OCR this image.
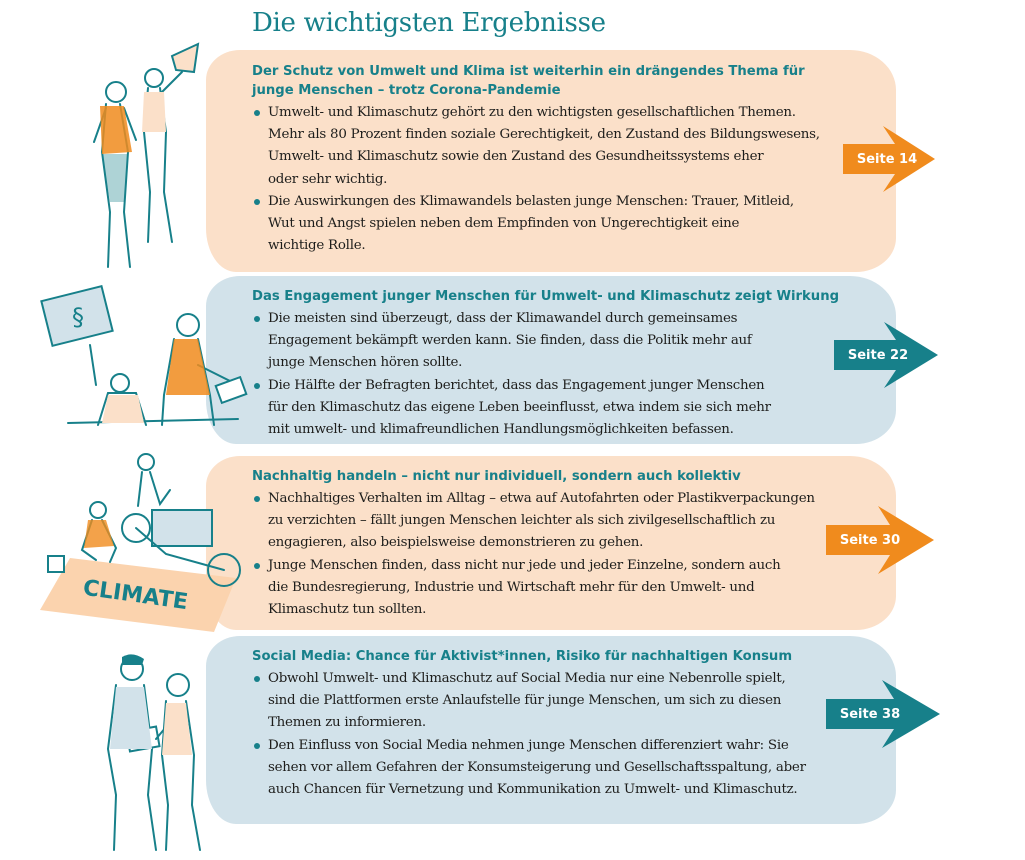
Die wichtigsten Ergebnisse

Der Schutz von Umwelt und Klima ist weiterhin ein drängendes Thema für
junge Menschen – trotz Corona-Pandemie

Umwelt- und Klimaschutz gehört zu den wichtigsten gesellschaftlichen Themen.
Mehr als 80 Prozent finden soziale Gerechtigkeit, den Zustand des Bildungswesens,
Umwelt- und Klimaschutz sowie den Zustand des Gesundheitssystems eher
oder sehr wichtig.
Die Auswirkungen des Klimawandels belasten junge Menschen: Trauer, Mitleid,
Wut und Angst spielen neben dem Empfinden von Ungerechtigkeit eine
wichtige Rolle.
Seite 14
§

Das Engagement junger Menschen für Umwelt- und Klimaschutz zeigt Wirkung

Die meisten sind überzeugt, dass der Klimawandel durch gemeinsames
Engagement bekämpft werden kann. Sie finden, dass die Politik mehr auf
junge Menschen hören sollte.
Die Hälfte der Befragten berichtet, dass das Engagement junger Menschen
für den Klimaschutz das eigene Leben beeinflusst, etwa indem sie sich mehr
mit umwelt- und klimafreundlichen Handlungsmöglichkeiten befassen.
Seite 22
CLIMATE

Nachhaltig handeln – nicht nur individuell, sondern auch kollektiv

Nachhaltiges Verhalten im Alltag – etwa auf Autofahrten oder Plastikverpackungen
zu verzichten – fällt jungen Menschen leichter als sich zivilgesellschaftlich zu
engagieren, also beispielsweise demonstrieren zu gehen.
Junge Menschen finden, dass nicht nur jede und jeder Einzelne, sondern auch
die Bundesregierung, Industrie und Wirtschaft mehr für den Umwelt- und
Klimaschutz tun sollten.
Seite 30

Social Media: Chance für Aktivist*innen, Risiko für nachhaltigen Konsum

Obwohl Umwelt- und Klimaschutz auf Social Media nur eine Nebenrolle spielt,
sind die Plattformen erste Anlaufstelle für junge Menschen, um sich zu diesen
Themen zu informieren.
Den Einfluss von Social Media nehmen junge Menschen differenziert wahr: Sie
sehen vor allem Gefahren der Konsumsteigerung und Gesellschaftsspaltung, aber
auch Chancen für Vernetzung und Kommunikation zu Umwelt- und Klimaschutz.
Seite 38
